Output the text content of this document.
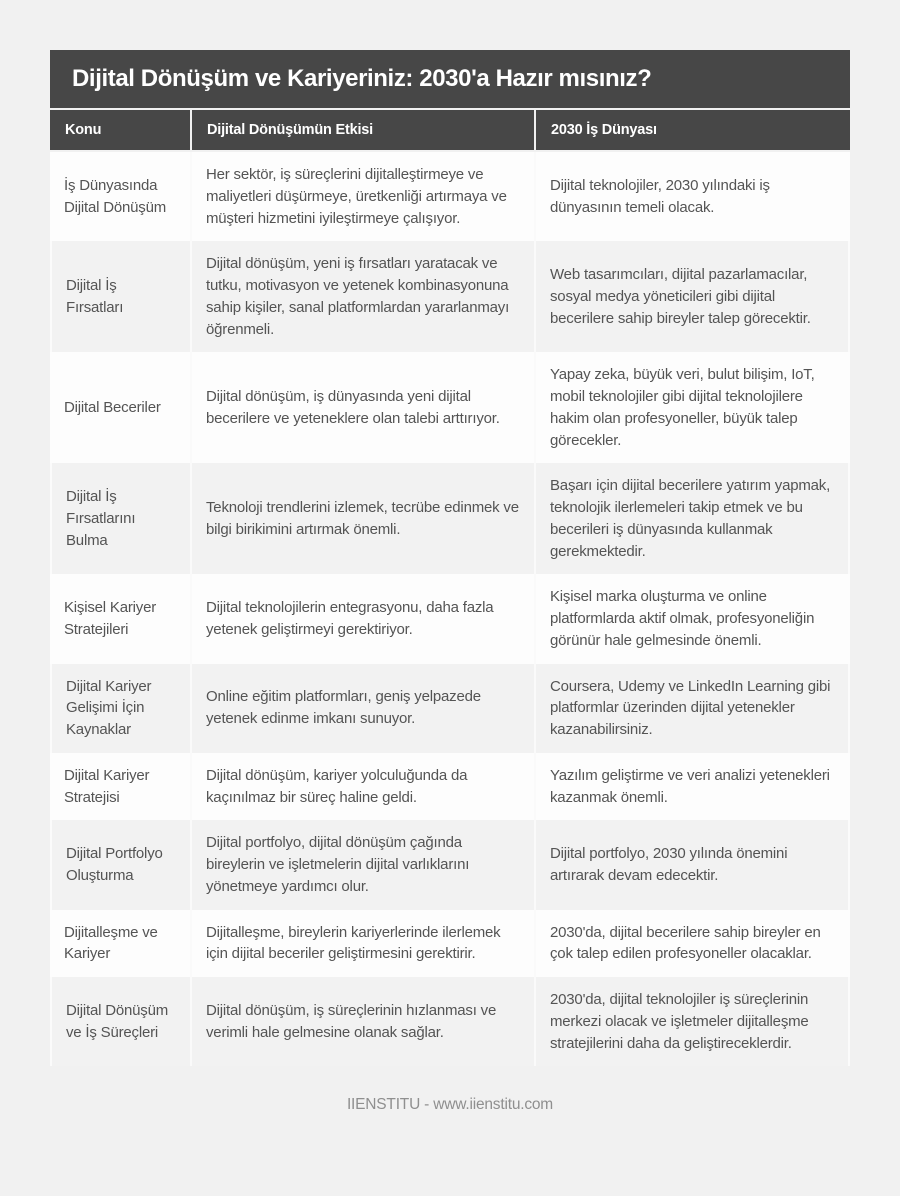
Dijital Dönüşüm ve Kariyeriniz: 2030'a Hazır mısınız?
Konu	Dijital Dönüşümün Etkisi	2030 İş Dünyası
İş Dünyasında Dijital Dönüşüm	Her sektör, iş süreçlerini dijitalleştirmeye ve maliyetleri düşürmeye, üretkenliği artırmaya ve müşteri hizmetini iyileştirmeye çalışıyor.	Dijital teknolojiler, 2030 yılındaki iş dünyasının temeli olacak.
Dijital İş Fırsatları	Dijital dönüşüm, yeni iş fırsatları yaratacak ve tutku, motivasyon ve yetenek kombinasyonuna sahip kişiler, sanal platformlardan yararlanmayı öğrenmeli.	Web tasarımcıları, dijital pazarlamacılar, sosyal medya yöneticileri gibi dijital becerilere sahip bireyler talep görecektir.
Dijital Beceriler	Dijital dönüşüm, iş dünyasında yeni dijital becerilere ve yeteneklere olan talebi arttırıyor.	Yapay zeka, büyük veri, bulut bilişim, IoT, mobil teknolojiler gibi dijital teknolojilere hakim olan profesyoneller, büyük talep görecekler.
Dijital İş Fırsatlarını Bulma	Teknoloji trendlerini izlemek, tecrübe edinmek ve bilgi birikimini artırmak önemli.	Başarı için dijital becerilere yatırım yapmak, teknolojik ilerlemeleri takip etmek ve bu becerileri iş dünyasında kullanmak gerekmektedir.
Kişisel Kariyer Stratejileri	Dijital teknolojilerin entegrasyonu, daha fazla yetenek geliştirmeyi gerektiriyor.	Kişisel marka oluşturma ve online platformlarda aktif olmak, profesyoneliğin görünür hale gelmesinde önemli.
Dijital Kariyer Gelişimi İçin Kaynaklar	Online eğitim platformları, geniş yelpazede yetenek edinme imkanı sunuyor.	Coursera, Udemy ve LinkedIn Learning gibi platformlar üzerinden dijital yetenekler kazanabilirsiniz.
Dijital Kariyer Stratejisi	Dijital dönüşüm, kariyer yolculuğunda da kaçınılmaz bir süreç haline geldi.	Yazılım geliştirme ve veri analizi yetenekleri kazanmak önemli.
Dijital Portfolyo Oluşturma	Dijital portfolyo, dijital dönüşüm çağında bireylerin ve işletmelerin dijital varlıklarını yönetmeye yardımcı olur.	Dijital portfolyo, 2030 yılında önemini artırarak devam edecektir.
Dijitalleşme ve Kariyer	Dijitalleşme, bireylerin kariyerlerinde ilerlemek için dijital beceriler geliştirmesini gerektirir.	2030'da, dijital becerilere sahip bireyler en çok talep edilen profesyoneller olacaklar.
Dijital Dönüşüm ve İş Süreçleri	Dijital dönüşüm, iş süreçlerinin hızlanması ve verimli hale gelmesine olanak sağlar.	2030'da, dijital teknolojiler iş süreçlerinin merkezi olacak ve işletmeler dijitalleşme stratejilerini daha da geliştireceklerdir.
IIENSTITU - www.iienstitu.com
